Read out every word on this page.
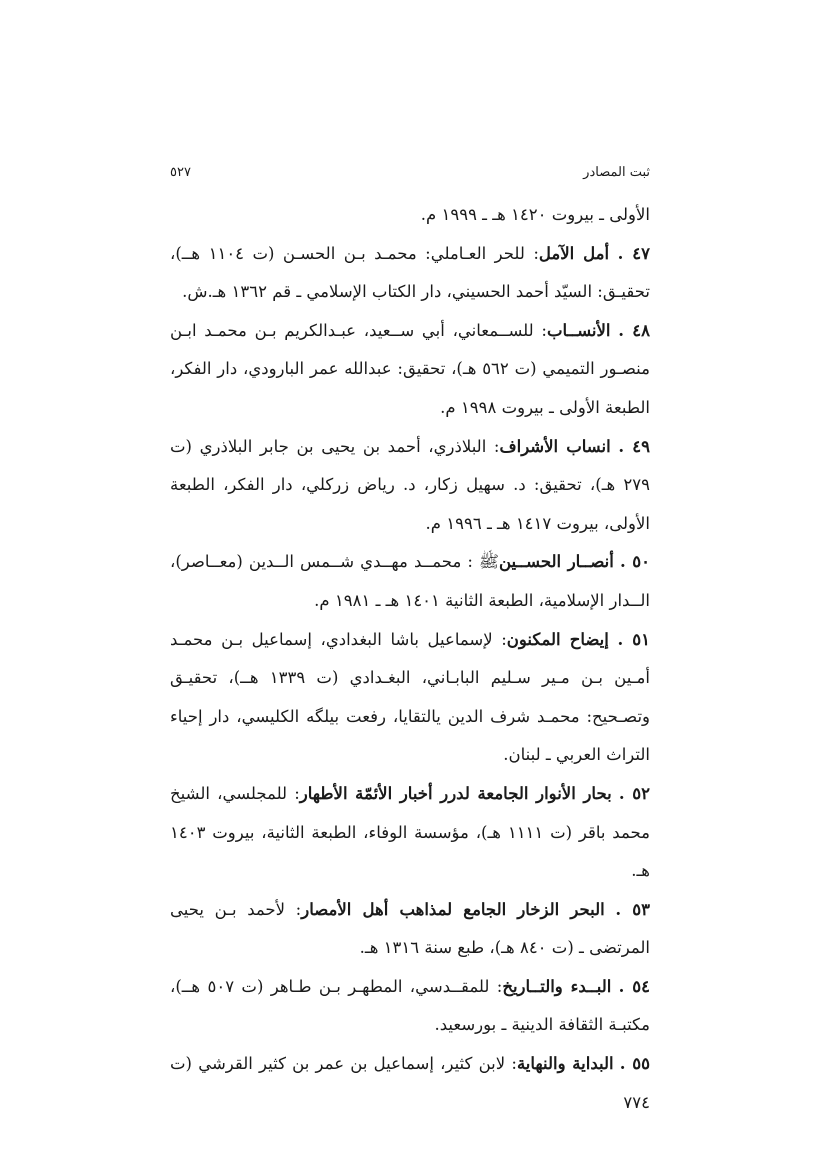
ثبت المصادر
٥٢٧

الأولى ـ بيروت ١٤٢٠ هـ ـ ١٩٩٩ م.

٤٧ . أمل الآمل: للحر العـاملي: محمـد بـن الحسـن (ت ١١٠٤ هــ)، تحقيـق: السيّد أحمد الحسيني، دار الكتاب الإسلامي ـ قم ١٣٦٢ هـ.ش.

٤٨ . الأنســاب: للســمعاني، أبي ســعيد، عبـدالكريم بـن محمـد ابـن منصـور التميمي (ت ٥٦٢ هـ)، تحقيق: عبدالله عمر البارودي، دار الفكر، الطبعة الأولى ـ بيروت ١٩٩٨ م.

٤٩ . انساب الأشراف: البلاذري، أحمد بن يحيى بن جابر البلاذري (ت ٢٧٩ هـ)، تحقيق: د. سهيل زكار، د. رياض زركلي، دار الفكر، الطبعة الأولى، بيروت ١٤١٧ هـ ـ ١٩٩٦ م.

٥٠ . أنصــار الحســينﷺ : محمــد مهــدي شــمس الــدين (معــاصر)، الــدار الإسلامية، الطبعة الثانية ١٤٠١ هـ ـ ١٩٨١ م.

٥١ . إيضاح المكنون: لإسماعيل باشا البغدادي، إسماعيل بـن محمـد أمـين بـن مـير سـليم البابـاني، البغـدادي (ت ١٣٣٩ هــ)، تحقيـق وتصـحيح: محمـد شرف الدين يالتقايا، رفعت بيلگه الكليسي، دار إحياء التراث العربي ـ لبنان.

٥٢ . بحار الأنوار الجامعة لدرر أخبار الأئمّة الأطهار: للمجلسي، الشيخ محمد باقر (ت ١١١١ هـ)، مؤسسة الوفاء، الطبعة الثانية، بيروت ١٤٠٣ هـ.

٥٣ . البحر الزخار الجامع لمذاهب أهل الأمصار: لأحمد بـن يحيى المرتضى ـ (ت ٨٤٠ هـ)، طبع سنة ١٣١٦ هـ.

٥٤ . البــدء والتــاريخ: للمقــدسي، المطهـر بـن طـاهر (ت ٥٠٧ هــ)، مكتبـة الثقافة الدينية ـ بورسعيد.

٥٥ . البداية والنهاية: لابن كثير، إسماعيل بن عمر بن كثير القرشي (ت ٧٧٤
